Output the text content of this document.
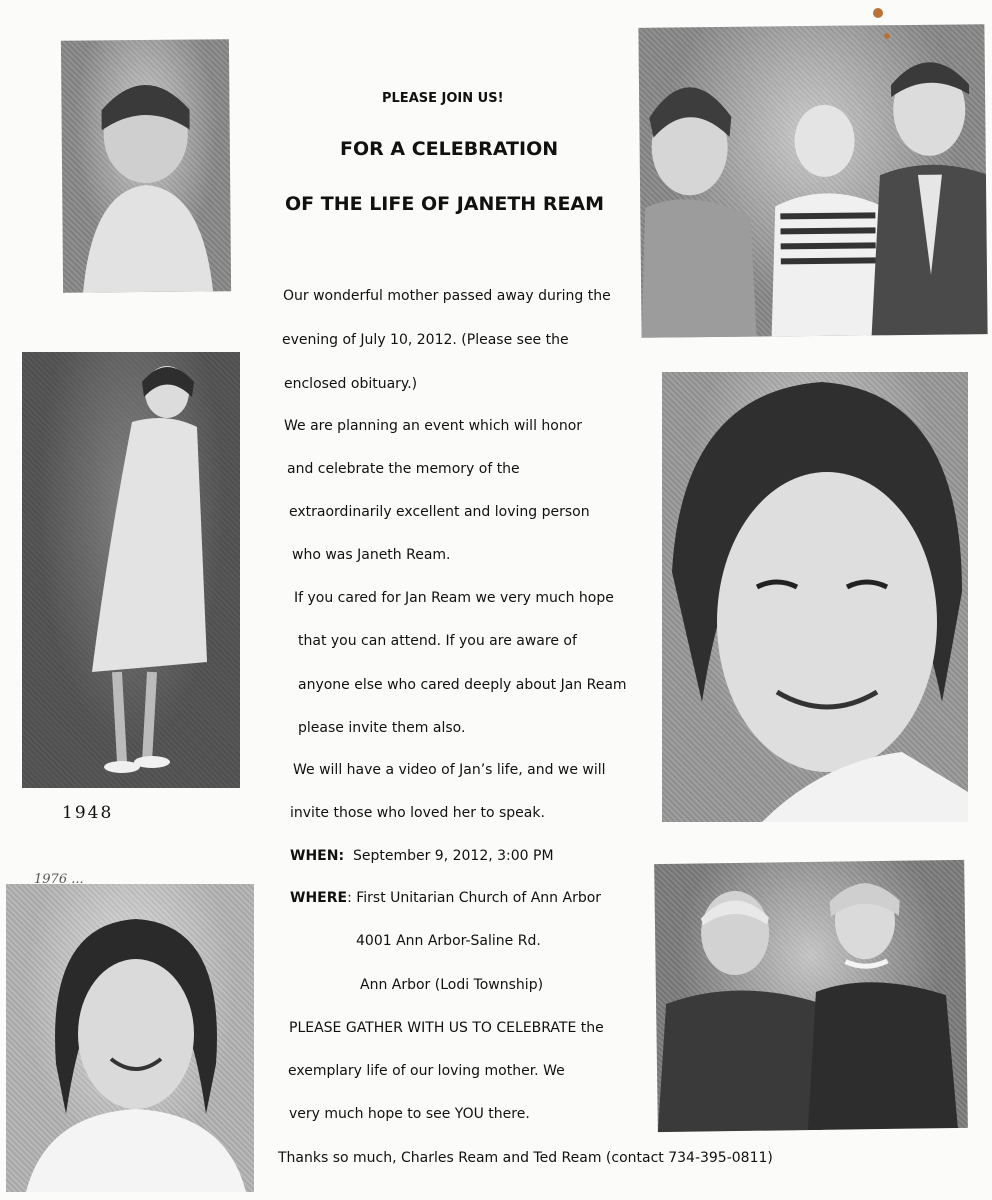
1948
1976 ...
PLEASE JOIN US!
FOR A CELEBRATION
OF THE LIFE OF JANETH REAM
Our wonderful mother passed away during the
evening of July 10, 2012. (Please see the
enclosed obituary.)
We are planning an event which will honor
and celebrate the memory of the
extraordinarily excellent and loving person
who was Janeth Ream.
If you cared for Jan Ream we very much hope
that you can attend. If you are aware of
anyone else who cared deeply about Jan Ream
please invite them also.
We will have a video of Jan’s life, and we will
invite those who loved her to speak.
WHEN: September 9, 2012, 3:00 PM
WHERE: First Unitarian Church of Ann Arbor
4001 Ann Arbor-Saline Rd.
Ann Arbor (Lodi Township)
PLEASE GATHER WITH US TO CELEBRATE the
exemplary life of our loving mother. We
very much hope to see YOU there.
Thanks so much, Charles Ream and Ted Ream (contact 734-395-0811)
